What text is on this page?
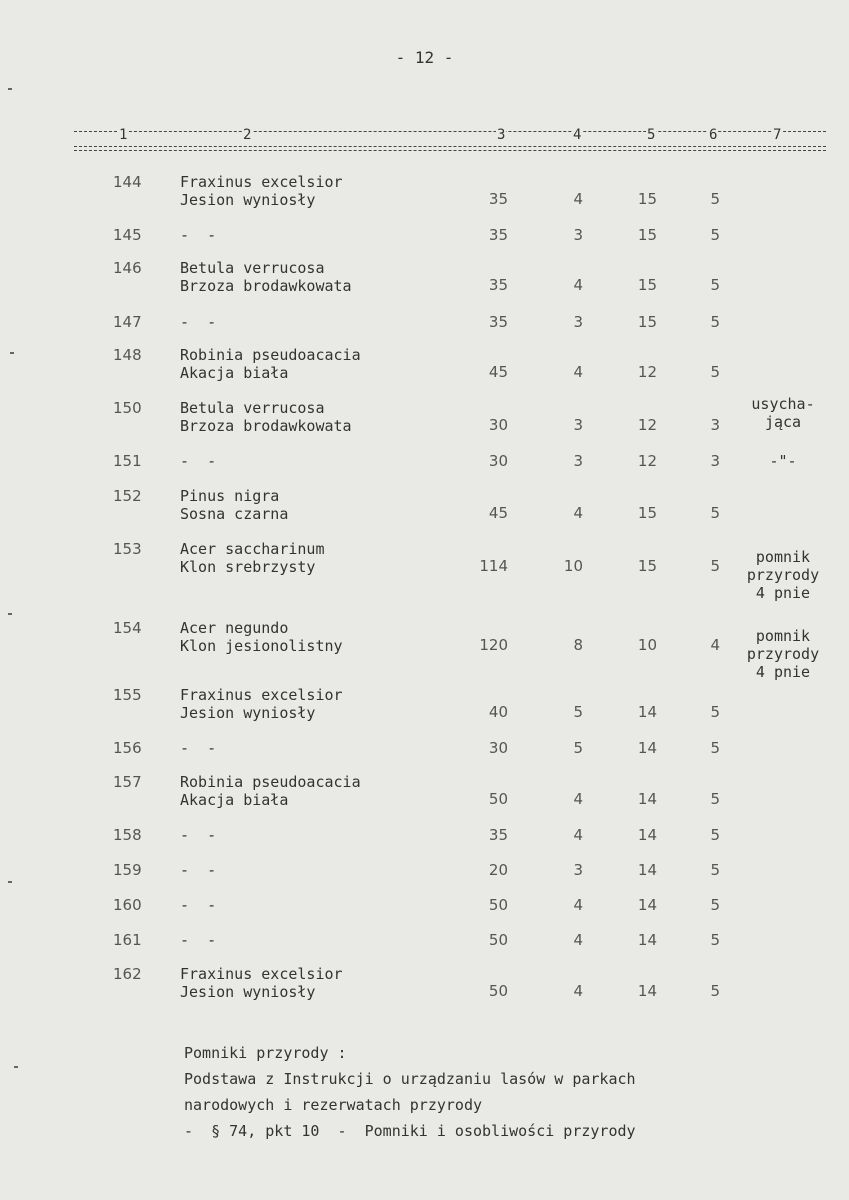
- 12 -
1	2	3	4	5	6	7
144	Fraxinus excelsior
Jesion wyniosły	35	4	15	5
145	-  -	35	3	15	5
146	Betula verrucosa
Brzoza brodawkowata	35	4	15	5
147	-  -	35	3	15	5
148	Robinia pseudoacacia
Akacja biała	45	4	12	5
150	Betula verrucosa
Brzoza brodawkowata	30	3	12	3
usycha-
jąca
151	-  -	30	3	12	3	-"-
152	Pinus nigra
Sosna czarna	45	4	15	5
153	Acer saccharinum
Klon srebrzysty	114	10	15	5	pomnik
przyrody
4 pnie
154	Acer negundo
Klon jesionolistny	120	8	10	4	pomnik
przyrody
4 pnie
155	Fraxinus excelsior
Jesion wyniosły	40	5	14	5
156	-  -	30	5	14	5
157	Robinia pseudoacacia
Akacja biała	50	4	14	5
158	-  -	35	4	14	5
159	-  -	20	3	14	5
160	-  -	50	4	14	5
161	-  -	50	4	14	5
162	Fraxinus excelsior
Jesion wyniosły	50	4	14	5
Pomniki przyrody :
Podstawa z Instrukcji o urządzaniu lasów w parkach
narodowych i rezerwatach przyrody
-  § 74, pkt 10  -  Pomniki i osobliwości przyrody
